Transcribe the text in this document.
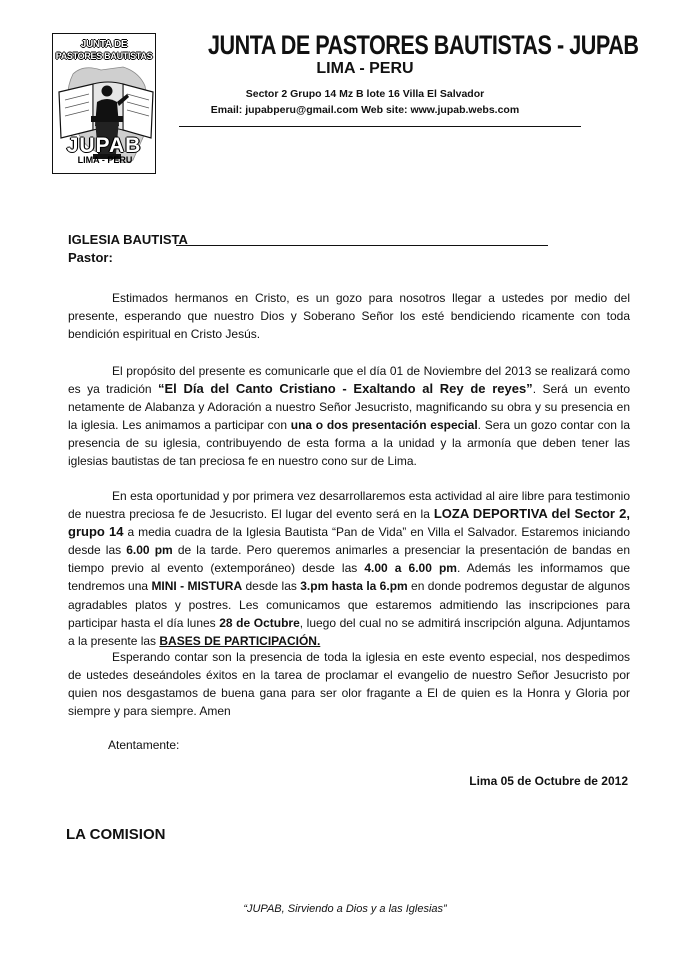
JUNTA DE
PASTORES BAUTISTAS
JUPAB
LIMA - PERU
JUNTA DE PASTORES BAUTISTAS - JUPAB
LIMA - PERU
Sector 2 Grupo 14 Mz B lote 16 Villa El Salvador
Email: jupabperu@gmail.com Web site: www.jupab.webs.com
IGLESIA BAUTISTA
Pastor:
Estimados hermanos en Cristo, es un gozo para nosotros llegar a ustedes por medio del presente, esperando que nuestro Dios y Soberano Señor los esté bendiciendo ricamente con toda bendición espiritual en Cristo Jesús.
El propósito del presente es comunicarle que el día 01 de Noviembre del 2013 se realizará como es ya tradición “El Día del Canto Cristiano - Exaltando al Rey de reyes”. Será un evento netamente de Alabanza y Adoración a nuestro Señor Jesucristo, magnificando su obra y su presencia en la iglesia. Les animamos a participar con una o dos presentación especial. Sera un gozo contar con la presencia de su iglesia, contribuyendo de esta forma a la unidad y la armonía que deben tener las iglesias bautistas de tan preciosa fe en nuestro cono sur de Lima.
En esta oportunidad y por primera vez desarrollaremos esta actividad al aire libre para testimonio de nuestra preciosa fe de Jesucristo. El lugar del evento será en la LOZA DEPORTIVA del Sector 2, grupo 14 a media cuadra de la Iglesia Bautista “Pan de Vida” en Villa el Salvador. Estaremos iniciando desde las 6.00 pm de la tarde. Pero queremos animarles a presenciar la presentación de bandas en tiempo previo al evento (extemporáneo) desde las 4.00 a 6.00 pm. Además les informamos que tendremos una MINI - MISTURA desde las 3.pm hasta la 6.pm en donde podremos degustar de algunos agradables platos y postres. Les comunicamos que estaremos admitiendo las inscripciones para participar hasta el día lunes 28 de Octubre, luego del cual no se admitirá inscripción alguna. Adjuntamos a la presente las BASES DE PARTICIPACIÓN.
Esperando contar son la presencia de toda la iglesia en este evento especial, nos despedimos de ustedes deseándoles éxitos en la tarea de proclamar el evangelio de nuestro Señor Jesucristo por quien nos desgastamos de buena gana para ser olor fragante a El de quien es la Honra y Gloria por siempre y para siempre. Amen
Atentamente:
Lima 05 de Octubre de 2012
LA COMISION
“JUPAB, Sirviendo a Dios y a las Iglesias”
